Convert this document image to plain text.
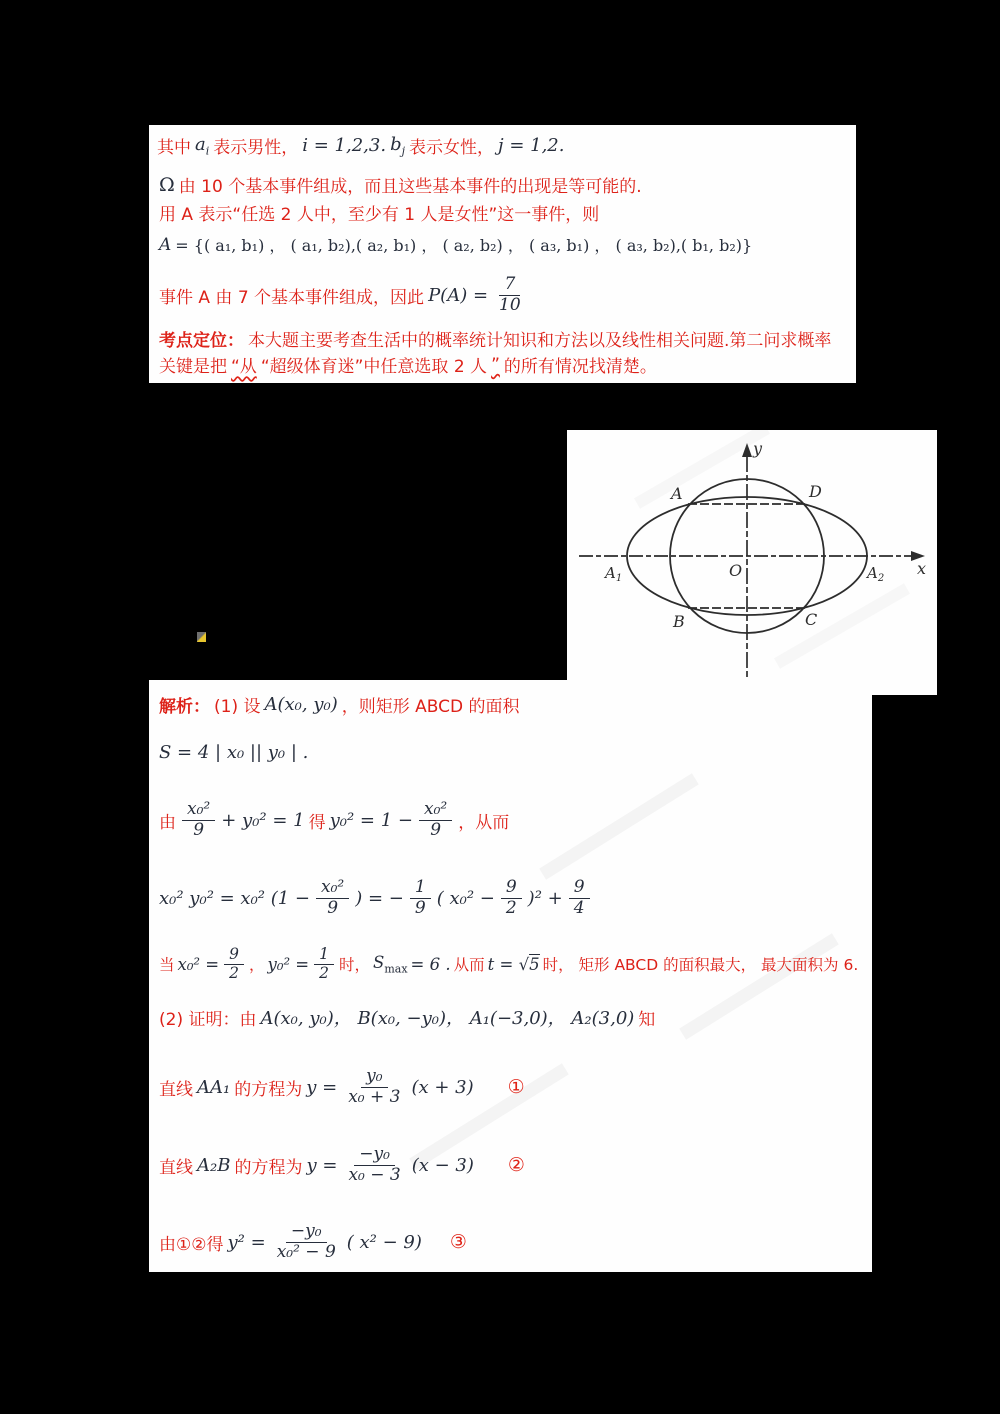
其中 $a_i$ 表示男性， i = 1,2,3. $b_j$ 表示女性， j = 1,2.
Ω 由 10 个基本事件组成，而且这些基本事件的出现是等可能的.
用 A 表示“任选 2 人中，至少有 1 人是女性”这一事件，则
A = {( a₁, b₁) ， ( a₁, b₂),( a₂, b₁) ， ( a₂, b₂) ， ( a₃, b₁) ， ( a₃, b₂),( b₁, b₂)}
事件 A 由 7 个基本事件组成，因此 $P(A) = \frac{7}{10}$
考点定位： 本大题主要考查生活中的概率统计知识和方法以及线性相关问题.第二问求概率
关键是把 “从 “超级体育迷”中任意选取 2 人 ” 的所有情况找清楚。
y
x
O
A	D
B	C
$A_1$	$A_2$
解析： (1) 设 A(x₀, y₀) ，则矩形 ABCD 的面积
S = 4 | x₀ || y₀ | .
由 $\frac{\text{x₀²}}{9} + y_0^2 = 1$ 得 $y_0^2 = 1 - \frac{\text{x₀²}}{9}$ ，从而
x₀² y₀² = x₀² ($1 - \frac{\text{x₀²}}{9}$ ) = − $\frac{1}{9}$ ( $x_0^2 - \frac{9}{2} )^2 + \frac{9}{4}$
当 $x_0^2 = \frac{9}{2}$ ， $y_0^2 = \frac{1}{2}$ 时， $S_{max} = 6$ . 从而 t = √5 时， 矩形 ABCD 的面积最大， 最大面积为 6.
(2) 证明：由 A(x₀, y₀)， B(x₀, −y₀)， A₁(−3,0)， A₂(3,0) 知
直线 AA₁ 的方程为 $y = \frac{\text{y₀}}{\text{x₀ + 3}} (x + 3)$ ①
直线 A₂B 的方程为 $y = \frac{\text{−y₀}}{\text{x₀ − 3}} (x - 3)$ ②
由①②得 $y^2 = \frac{\text{−y₀}}{\text{x₀² − 9}}$ ( x² − 9) ③
